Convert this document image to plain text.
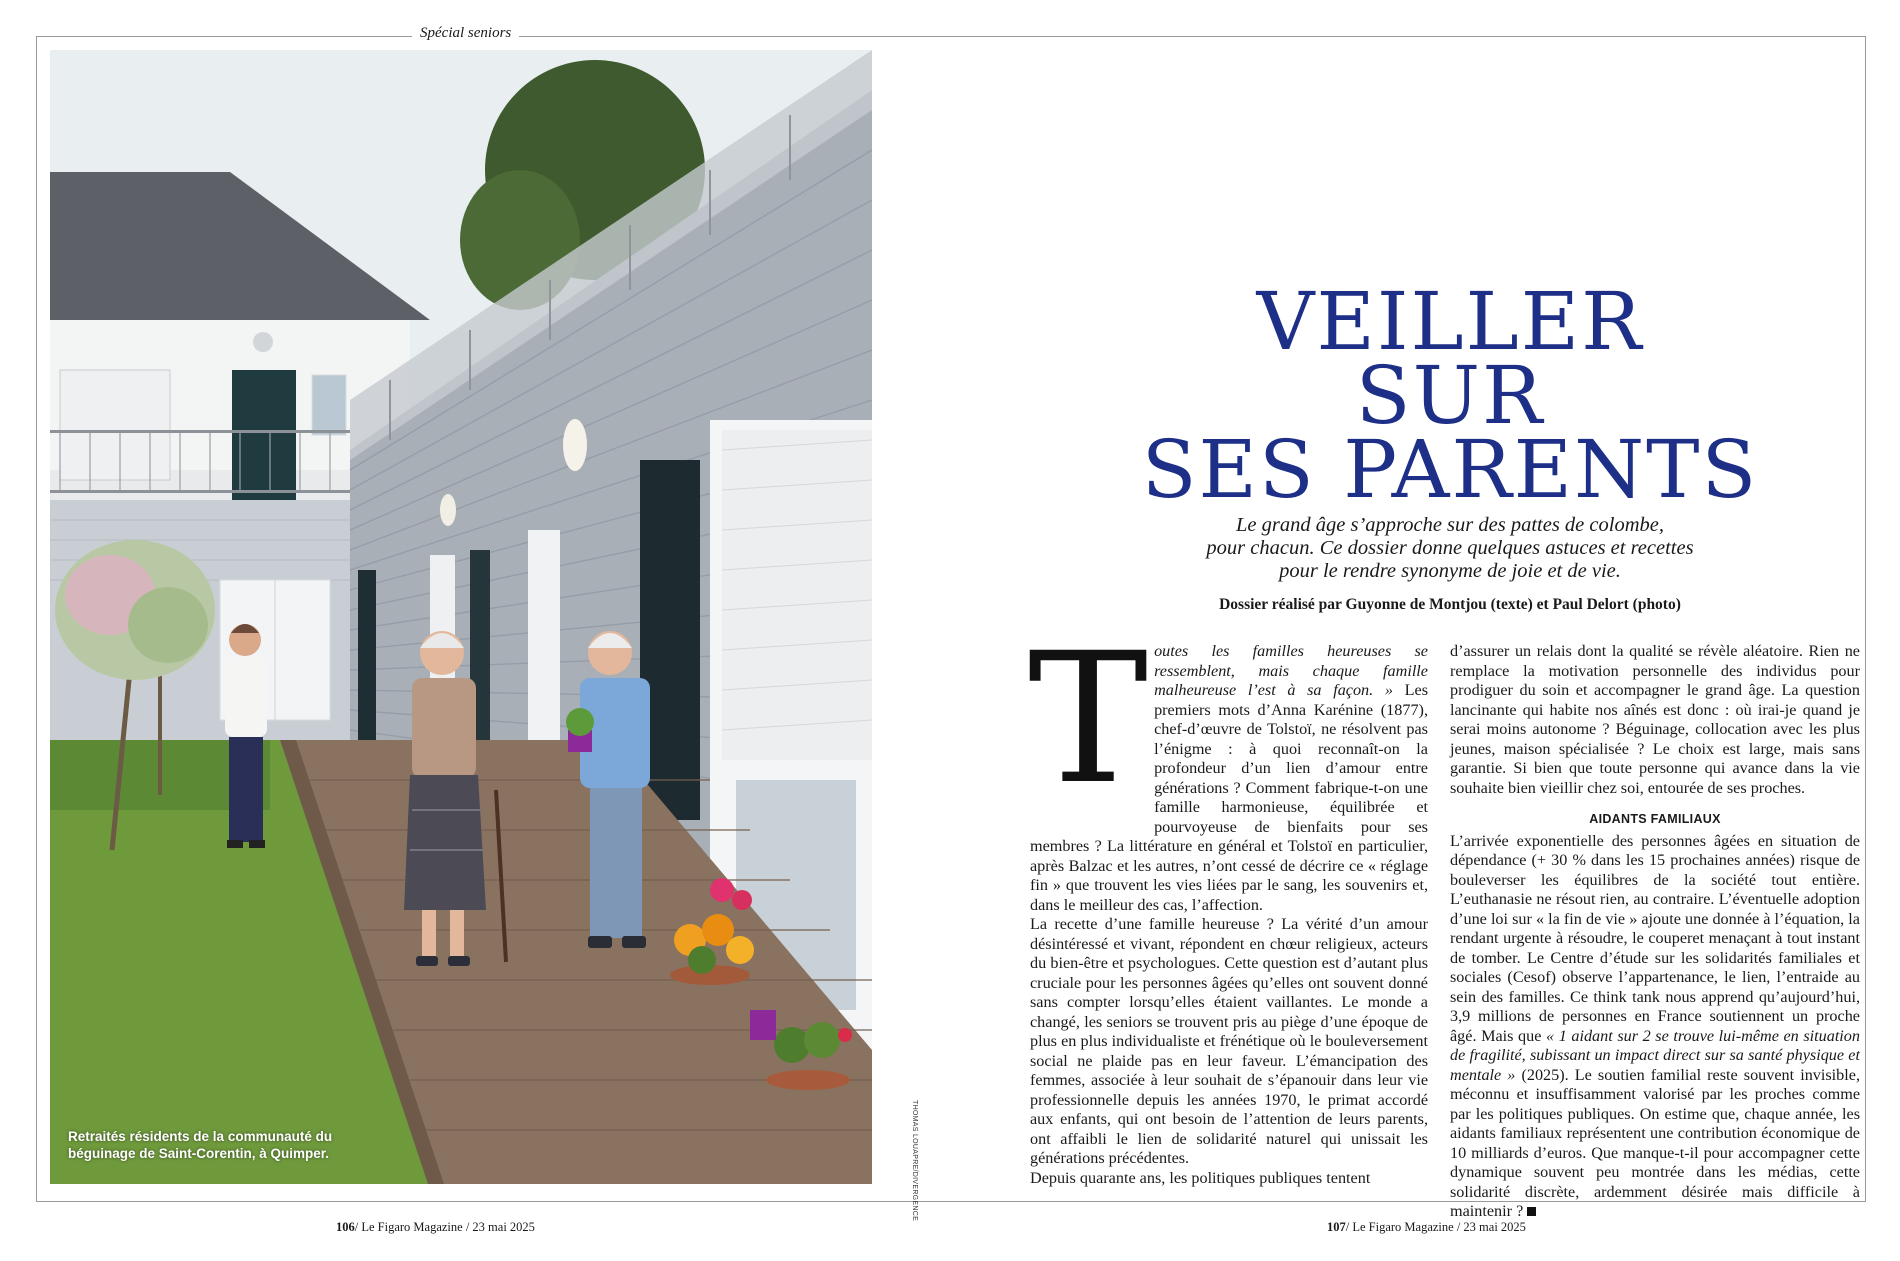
Spécial seniors
Retraités résidents de la communauté du béguinage de Saint-Corentin, à Quimper.	THOMAS LOUAPRE/DIVERGENCE
VEILLER
SUR
SES PARENTS

Le grand âge s’approche sur des pattes de colombe,
pour chacun. Ce dossier donne quelques astuces et recettes
pour le rendre synonyme de joie et de vie.

Dossier réalisé par Guyonne de Montjou (texte) et Paul Delort (photo)

T outes les familles heureuses se ressemblent, mais chaque famille malheureuse l’est à sa façon. » Les premiers mots d’Anna Karénine (1877), chef-d’œuvre de Tolstoï, ne résolvent pas l’énigme : à quoi reconnaît-on la profondeur d’un lien d’amour entre générations ? Comment fabrique-t-on une famille harmonieuse, équilibrée et pourvoyeuse de bienfaits pour ses membres ? La littérature en général et Tolstoï en particulier, après Balzac et les autres, n’ont cessé de décrire ce « réglage fin » que trouvent les vies liées par le sang, les souvenirs et, dans le meilleur des cas, l’affection.

La recette d’une famille heureuse ? La vérité d’un amour désintéressé et vivant, répondent en chœur religieux, acteurs du bien-être et psychologues. Cette question est d’autant plus cruciale pour les personnes âgées qu’elles ont souvent donné sans compter lorsqu’elles étaient vaillantes. Le monde a changé, les seniors se trouvent pris au piège d’une époque de plus en plus individualiste et frénétique où le bouleversement social ne plaide pas en leur faveur. L’émancipation des femmes, associée à leur souhait de s’épanouir dans leur vie professionnelle depuis les années 1970, le primat accordé aux enfants, qui ont besoin de l’attention de leurs parents, ont affaibli le lien de solidarité naturel qui unissait les générations précédentes.

Depuis quarante ans, les politiques publiques tentent

AIDANTS FAMILIAUX

L’arrivée exponentielle des personnes âgées en situation de dépendance (+ 30 % dans les 15 prochaines années) risque de bouleverser les équilibres de la société tout entière. L’euthanasie ne résout rien, au contraire. L’éventuelle adoption d’une loi sur « la fin de vie » ajoute une donnée à l’équation, la rendant urgente à résoudre, le couperet menaçant à tout instant de tomber. Le Centre d’étude sur les solidarités familiales et sociales (Cesof) observe l’appartenance, le lien, l’entraide au sein des familles. Ce think tank nous apprend qu’aujourd’hui, 3,9 millions de personnes en France soutiennent un proche âgé. Mais que « 1 aidant sur 2 se trouve lui-même en situation de fragilité, subissant un impact direct sur sa santé physique et mentale » (2025). Le soutien familial reste souvent invisible, méconnu et insuffisamment valorisé par les proches comme par les politiques publiques. On estime que, chaque année, les aidants familiaux représentent une contribution économique de 10 milliards d’euros. Que manque-t-il pour accompagner cette dynamique souvent peu montrée dans les médias, cette solidarité discrète, ardemment désirée mais difficile à maintenir ?

106/ Le Figaro Magazine / 23 mai 2025	107/ Le Figaro Magazine / 23 mai 2025

d’assurer un relais dont la qualité se révèle aléatoire. Rien ne remplace la motivation personnelle des individus pour prodiguer du soin et accompagner le grand âge. La question lancinante qui habite nos aînés est donc : où irai-je quand je serai moins autonome ? Béguinage, collocation avec les plus jeunes, maison spécialisée ? Le choix est large, mais sans garantie. Si bien que toute personne qui avance dans la vie souhaite bien vieillir chez soi, entourée de ses proches.
